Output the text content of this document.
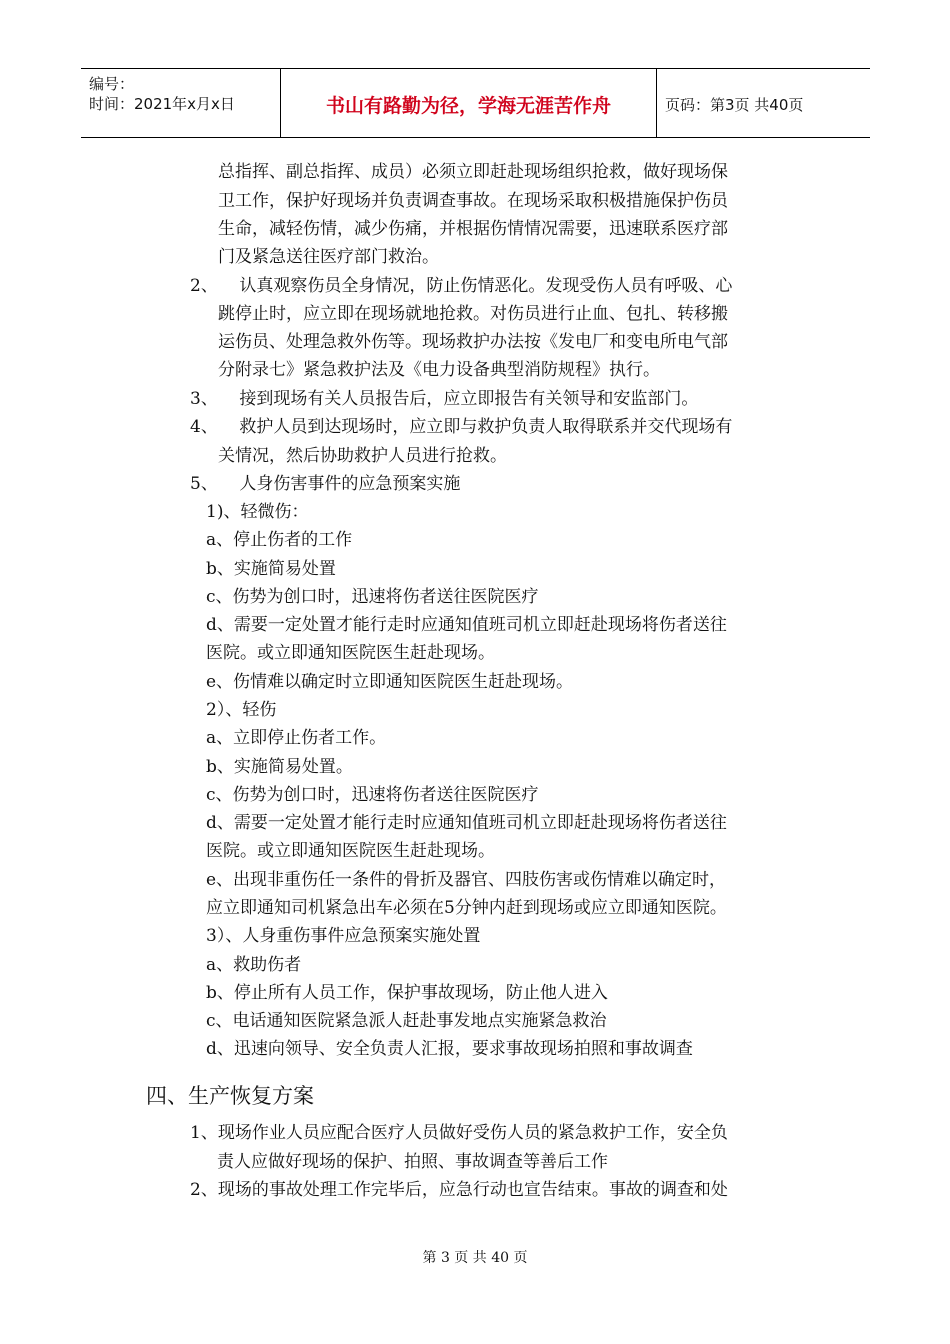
编号：
时间：2021年x月x日	书山有路勤为径，学海无涯苦作舟	页码：第3页 共40页
总指挥、副总指挥、成员）必须立即赶赴现场组织抢救，做好现场保
卫工作，保护好现场并负责调查事故。在现场采取积极措施保护伤员
生命，减轻伤情，减少伤痛，并根据伤情情况需要，迅速联系医疗部
门及紧急送往医疗部门救治。
2、    认真观察伤员全身情况，防止伤情恶化。发现受伤人员有呼吸、心
跳停止时，应立即在现场就地抢救。对伤员进行止血、包扎、转移搬
运伤员、处理急救外伤等。现场救护办法按《发电厂和变电所电气部
分附录七》紧急救护法及《电力设备典型消防规程》执行。
3、    接到现场有关人员报告后，应立即报告有关领导和安监部门。
4、    救护人员到达现场时，应立即与救护负责人取得联系并交代现场有
关情况，然后协助救护人员进行抢救。
5、    人身伤害事件的应急预案实施
1)、轻微伤：
a、停止伤者的工作
b、实施简易处置
c、伤势为创口时，迅速将伤者送往医院医疗
d、需要一定处置才能行走时应通知值班司机立即赶赴现场将伤者送往
医院。或立即通知医院医生赶赴现场。
e、伤情难以确定时立即通知医院医生赶赴现场。
2）、轻伤
a、立即停止伤者工作。
b、实施简易处置。
c、伤势为创口时，迅速将伤者送往医院医疗
d、需要一定处置才能行走时应通知值班司机立即赶赴现场将伤者送往
医院。或立即通知医院医生赶赴现场。
e、出现非重伤任一条件的骨折及器官、四肢伤害或伤情难以确定时，
应立即通知司机紧急出车必须在5分钟内赶到现场或应立即通知医院。
3）、人身重伤事件应急预案实施处置
a、救助伤者
b、停止所有人员工作，保护事故现场，防止他人进入
c、电话通知医院紧急派人赶赴事发地点实施紧急救治
d、迅速向领导、安全负责人汇报，要求事故现场拍照和事故调查
四、生产恢复方案
1、现场作业人员应配合医疗人员做好受伤人员的紧急救护工作，安全负
责人应做好现场的保护、拍照、事故调查等善后工作
2、现场的事故处理工作完毕后，应急行动也宣告结束。事故的调查和处
第 3 页 共 40 页
